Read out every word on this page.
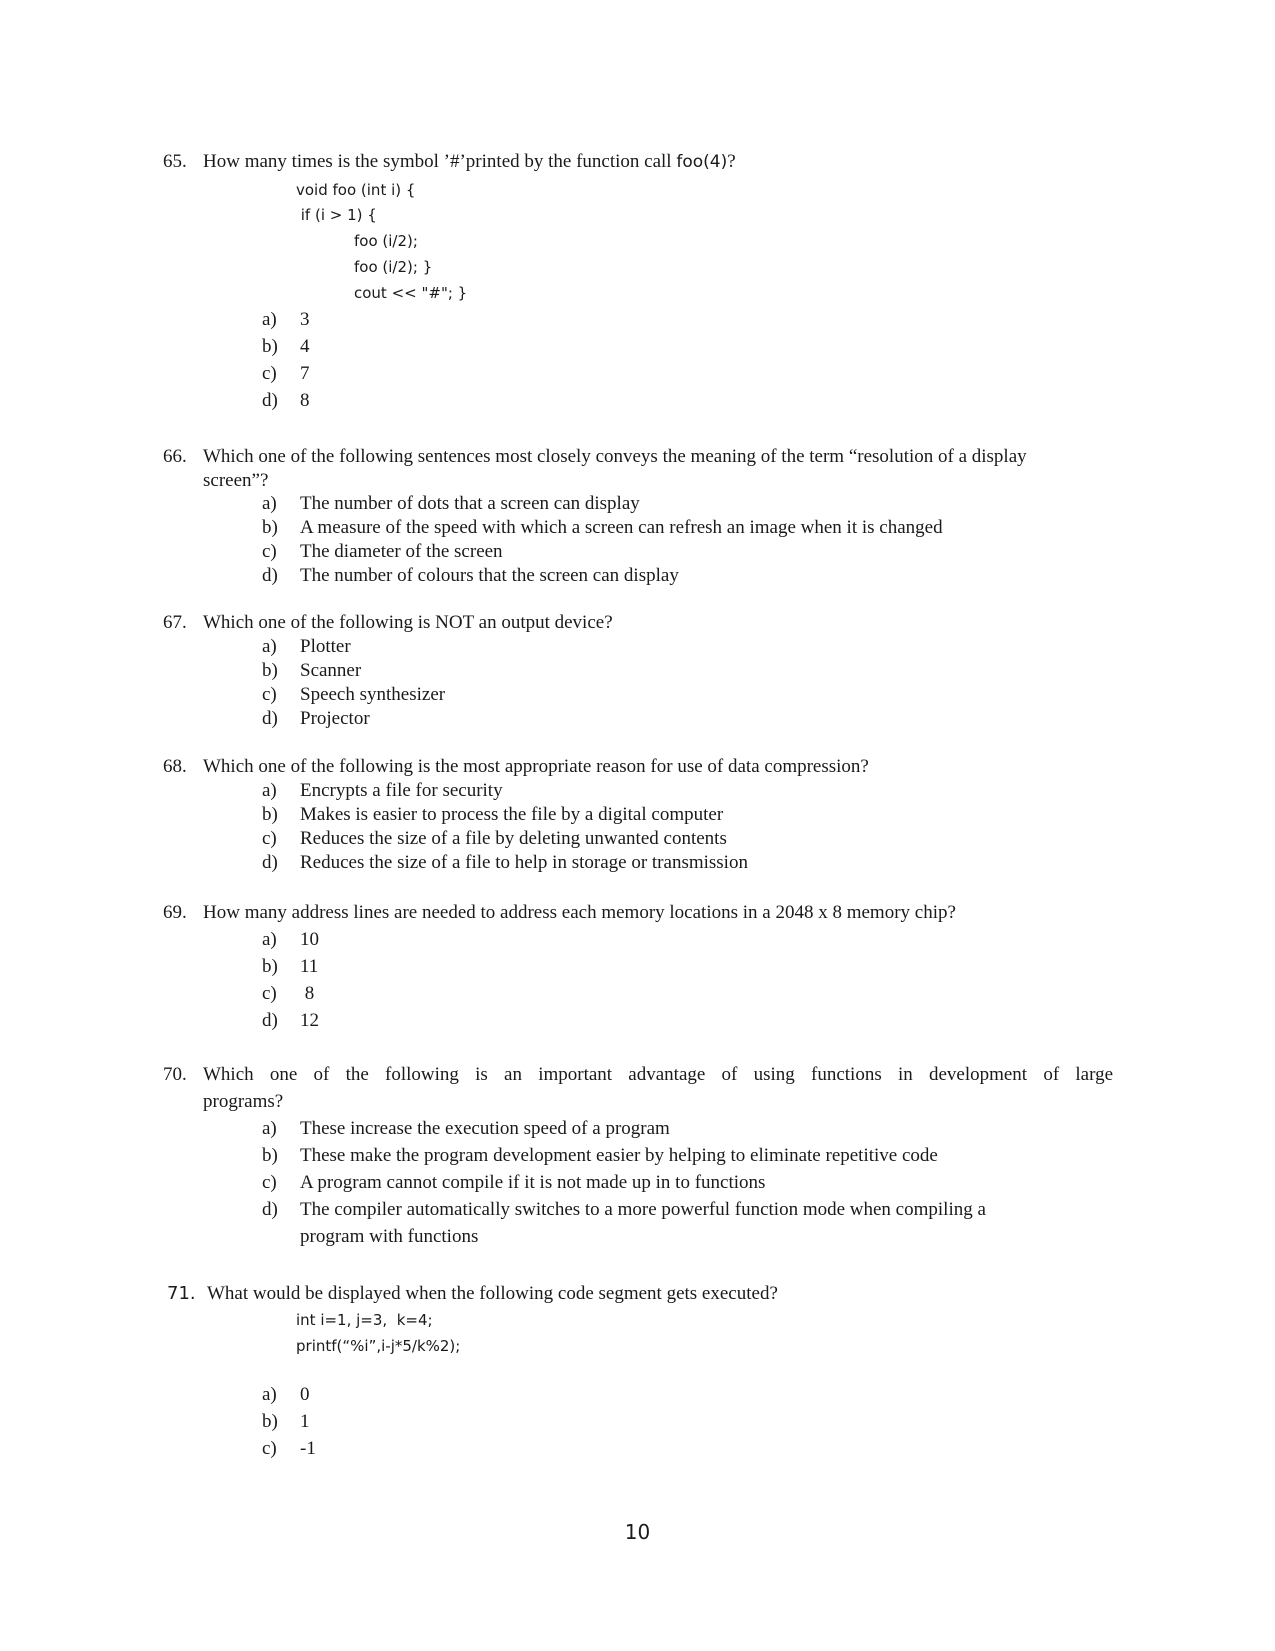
65. How many times is the symbol ’#’printed by the function call foo(4)?
void foo (int i) {
if (i > 1) {
foo (i/2);
foo (i/2); }
cout << "#"; }
a)	3
b)	4
c)	7
d)	8
66. Which one of the following sentences most closely conveys the meaning of the term “resolution of a display
screen”?
a)	The number of dots that a screen can display
b)	A measure of the speed with which a screen can refresh an image when it is changed
c)	The diameter of the screen
d)	The number of colours that the screen can display
67. Which one of the following is NOT an output device?
a)	Plotter
b)	Scanner
c)	Speech synthesizer
d)	Projector
68. Which one of the following is the most appropriate reason for use of data compression?
a)	Encrypts a file for security
b)	Makes is easier to process the file by a digital computer
c)	Reduces the size of a file by deleting unwanted contents
d)	Reduces the size of a file to help in storage or transmission
69. How many address lines are needed to address each memory locations in a 2048 x 8 memory chip?
a)	10
b)	11
c)	8
d)	12
70. Which one of the following is an important advantage of using functions in development of large
programs?
a)	These increase the execution speed of a program
b)	These make the program development easier by helping to eliminate repetitive code
c)	A program cannot compile if it is not made up in to functions
d)	The compiler automatically switches to a more powerful function mode when compiling a
program with functions
71. What would be displayed when the following code segment gets executed?
int i=1, j=3,  k=4;
printf(“%i”,i-j*5/k%2);
a)	0
b)	1
c)	-1
10
